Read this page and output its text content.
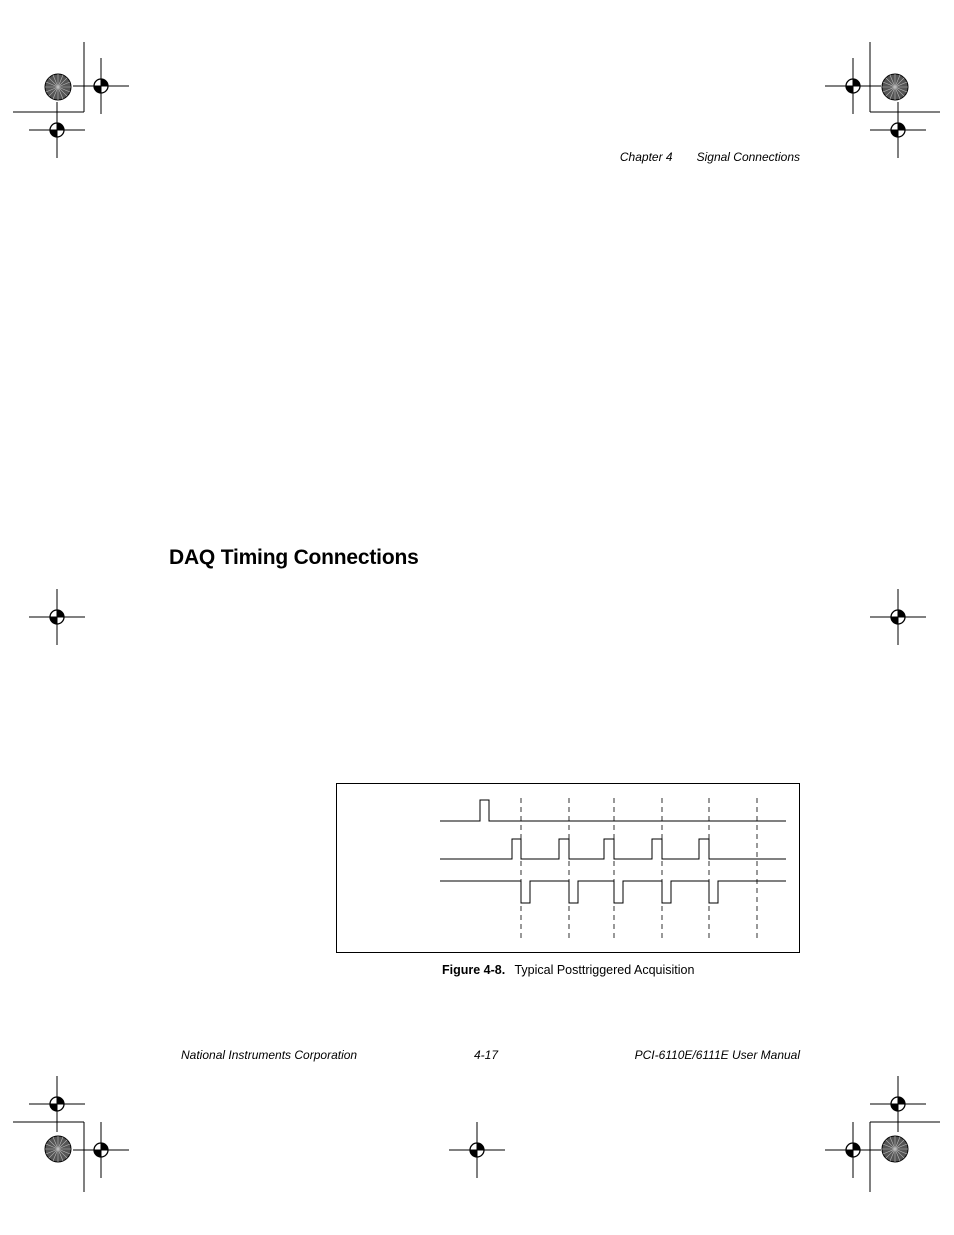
Chapter 4 Signal Connections
DAQ Timing Connections
Figure 4-8. Typical Posttriggered Acquisition
National Instruments Corporation	4-17	PCI-6110E/6111E User Manual
